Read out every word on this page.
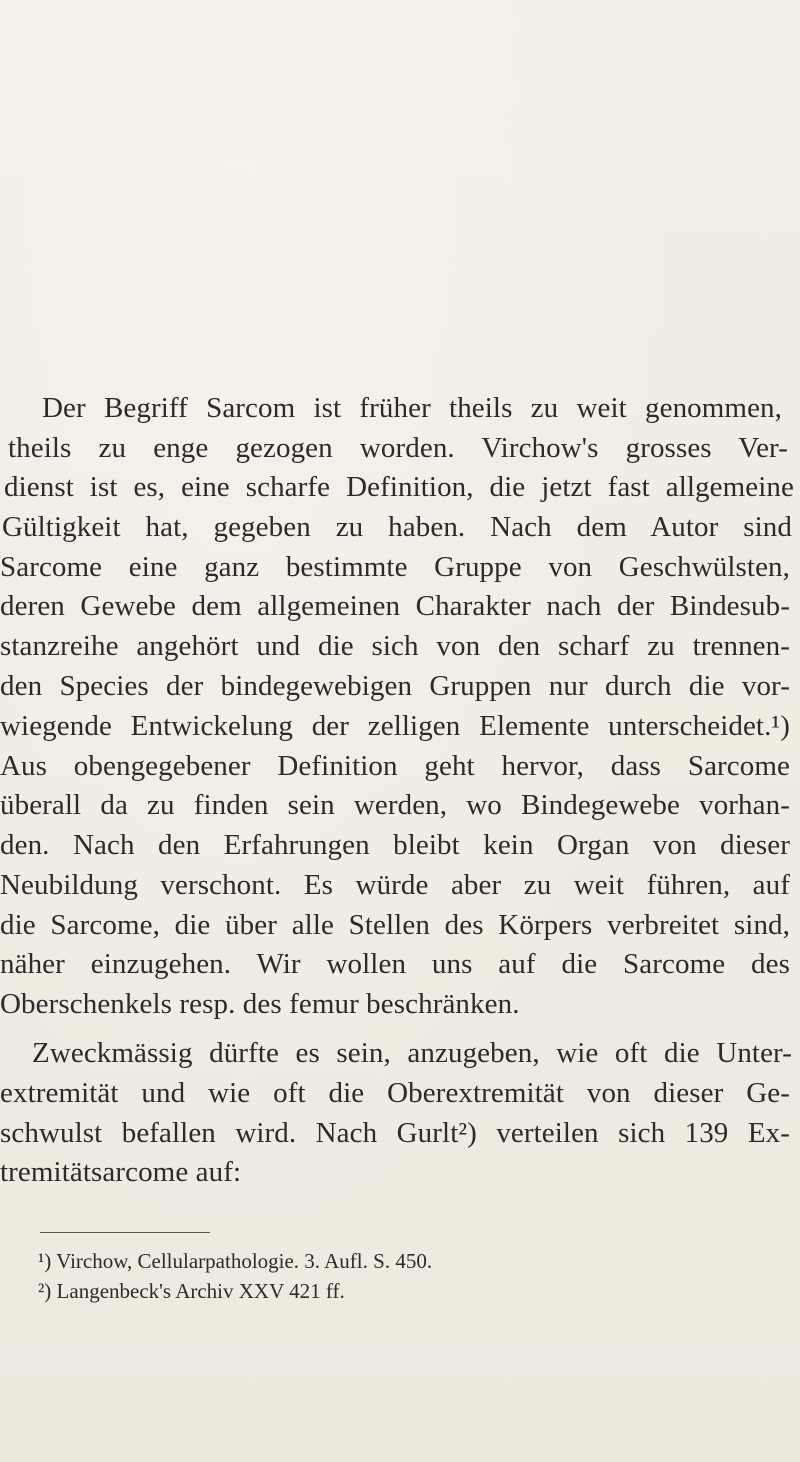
Der Begriff Sarcom ist früher theils zu weit genommen,
theils zu enge gezogen worden. Virchow's grosses Ver-
dienst ist es, eine scharfe Definition, die jetzt fast allgemeine
Gültigkeit hat, gegeben zu haben. Nach dem Autor sind
Sarcome eine ganz bestimmte Gruppe von Geschwülsten,
deren Gewebe dem allgemeinen Charakter nach der Bindesub-
stanzreihe angehört und die sich von den scharf zu trennen-
den Species der bindegewebigen Gruppen nur durch die vor-
wiegende Entwickelung der zelligen Elemente unterscheidet.¹)
Aus obengegebener Definition geht hervor, dass Sarcome
überall da zu finden sein werden, wo Bindegewebe vorhan-
den. Nach den Erfahrungen bleibt kein Organ von dieser
Neubildung verschont. Es würde aber zu weit führen, auf
die Sarcome, die über alle Stellen des Körpers verbreitet sind,
näher einzugehen. Wir wollen uns auf die Sarcome des
Oberschenkels resp. des femur beschränken.
Zweckmässig dürfte es sein, anzugeben, wie oft die Unter-
extremität und wie oft die Oberextremität von dieser Ge-
schwulst befallen wird. Nach Gurlt²) verteilen sich 139 Ex-
tremitätsarcome auf:
¹) Virchow, Cellularpathologie. 3. Aufl. S. 450.
²) Langenbeck's Archiv XXV 421 ff.
